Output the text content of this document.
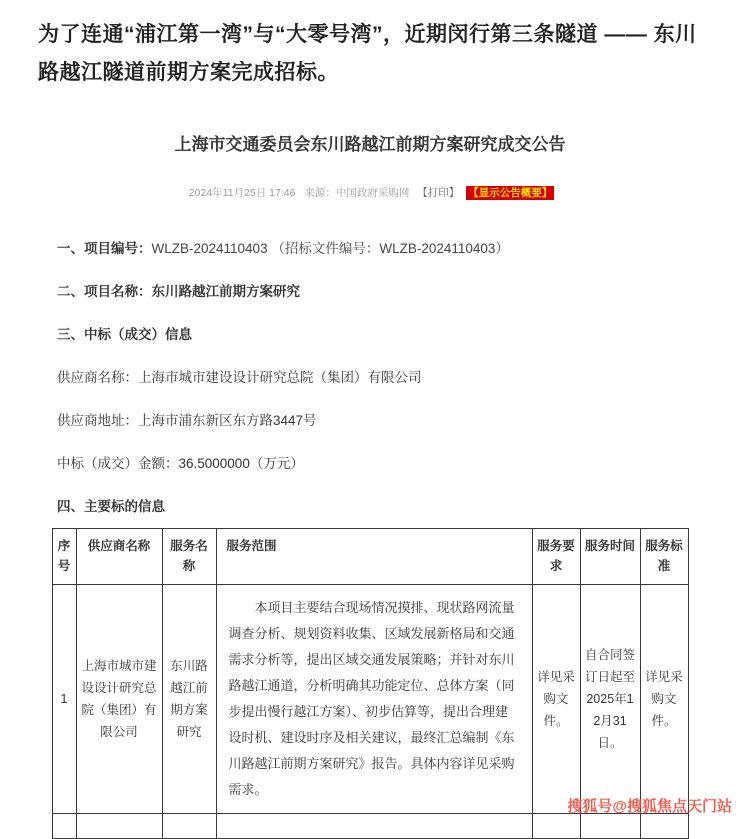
为了连通“浦江第一湾”与“大零号湾”，近期闵行第三条隧道 —— 东川路越江隧道前期方案完成招标。

上海市交通委员会东川路越江前期方案研究成交公告
2024年11月25日 17:46 来源：中国政府采购网 【打印】 【显示公告概要】

一、项目编号：WLZB-2024110403 （招标文件编号：WLZB-2024110403）

二、项目名称：东川路越江前期方案研究

三、中标（成交）信息

供应商名称：上海市城市建设设计研究总院（集团）有限公司

供应商地址：上海市浦东新区东方路3447号

中标（成交）金额：36.5000000（万元）

四、主要标的信息

序号	供应商名称	服务名称	服务范围	服务要求	服务时间	服务标准
1	上海市城市建设设计研究总院（集团）有限公司	东川路越江前期方案研究	本项目主要结合现场情况摸排、现状路网流量调查分析、规划资料收集、区域发展新格局和交通需求分析等，提出区域交通发展策略；并针对东川路越江通道，分析明确其功能定位、总体方案（同步提出慢行越江方案）、初步估算等，提出合理建设时机、建设时序及相关建议，最终汇总编制《东川路越江前期方案研究》报告。具体内容详见采购需求。	详见采购文件。	自合同签订日起至2025年12月31日。	详见采购文件。

搜狐号@搜狐焦点天门站
